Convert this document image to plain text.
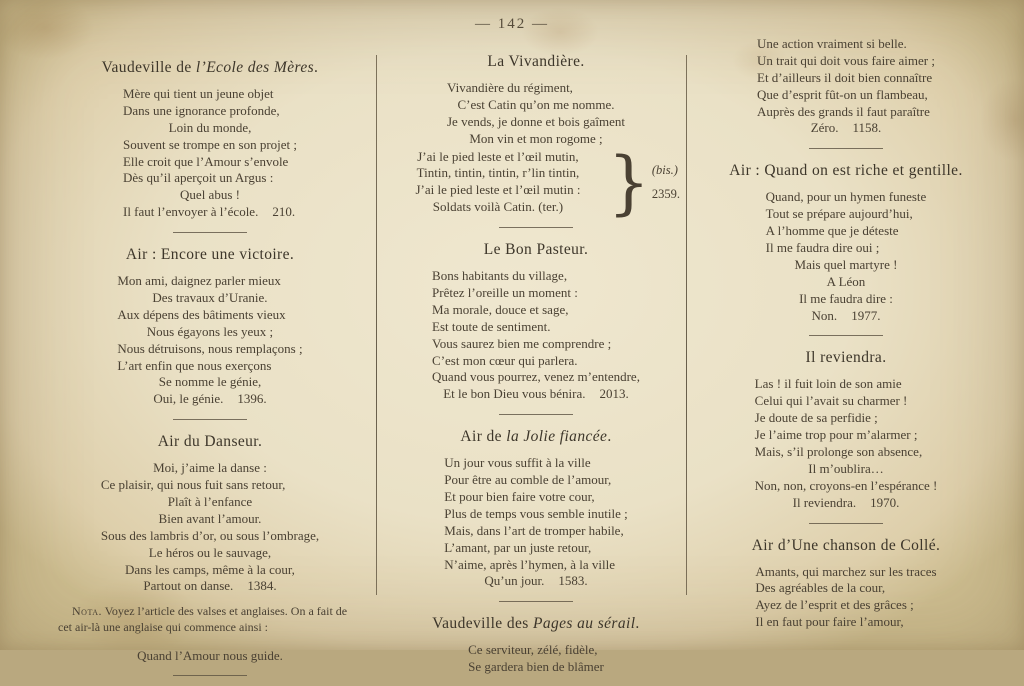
— 142 —
Vaudeville de l’Ecole des Mères.
Mère qui tient un jeune objet
Dans une ignorance profonde,
Loin du monde,
Souvent se trompe en son projet ;
Elle croit que l’Amour s’envole
Dès qu’il aperçoit un Argus :
Quel abus !
Il faut l’envoyer à l’école. 210.
Air : Encore une victoire.
Mon ami, daignez parler mieux
Des travaux d’Uranie.
Aux dépens des bâtiments vieux
Nous égayons les yeux ;
Nous détruisons, nous remplaçons ;
L’art enfin que nous exerçons
Se nomme le génie,
Oui, le génie. 1396.
Air du Danseur.
Moi, j’aime la danse :
Ce plaisir, qui nous fuit sans retour,
Plaît à l’enfance
Bien avant l’amour.
Sous des lambris d’or, ou sous l’ombrage,
Le héros ou le sauvage,
Dans les camps, même à la cour,
Partout on danse. 1384.
Nota. Voyez l’article des valses et anglaises. On a fait de cet air-là une anglaise qui commence ainsi :
Quand l’Amour nous guide.
La Vivandière.
Vivandière du régiment,
C’est Catin qu’on me nomme.
Je vends, je donne et bois gaîment
Mon vin et mon rogome ;
J’ai le pied leste et l’œil mutin,
Tintin, tintin, tintin, r’lin tintin,
J’ai le pied leste et l’œil mutin :
Soldats voilà Catin. (ter.) } (bis.)
2359.
Le Bon Pasteur.
Bons habitants du village,
Prêtez l’oreille un moment :
Ma morale, douce et sage,
Est toute de sentiment.
Vous saurez bien me comprendre ;
C’est mon cœur qui parlera.
Quand vous pourrez, venez m’entendre,
Et le bon Dieu vous bénira. 2013.
Air de la Jolie fiancée.
Un jour vous suffit à la ville
Pour être au comble de l’amour,
Et pour bien faire votre cour,
Plus de temps vous semble inutile ;
Mais, dans l’art de tromper habile,
L’amant, par un juste retour,
N’aime, après l’hymen, à la ville
Qu’un jour. 1583.
Vaudeville des Pages au sérail.
Ce serviteur, zélé, fidèle,
Se gardera bien de blâmer
Une action vraiment si belle.
Un trait qui doit vous faire aimer ;
Et d’ailleurs il doit bien connaître
Que d’esprit fût-on un flambeau,
Auprès des grands il faut paraître
Zéro. 1158.
Air : Quand on est riche et gentille.
Quand, pour un hymen funeste
Tout se prépare aujourd’hui,
A l’homme que je déteste
Il me faudra dire oui ;
Mais quel martyre !
A Léon
Il me faudra dire :
Non. 1977.
Il reviendra.
Las ! il fuit loin de son amie
Celui qui l’avait su charmer !
Je doute de sa perfidie ;
Je l’aime trop pour m’alarmer ;
Mais, s’il prolonge son absence,
Il m’oublira…
Non, non, croyons-en l’espérance !
Il reviendra. 1970.
Air d’Une chanson de Collé.
Amants, qui marchez sur les traces
Des agréables de la cour,
Ayez de l’esprit et des grâces ;
Il en faut pour faire l’amour,
